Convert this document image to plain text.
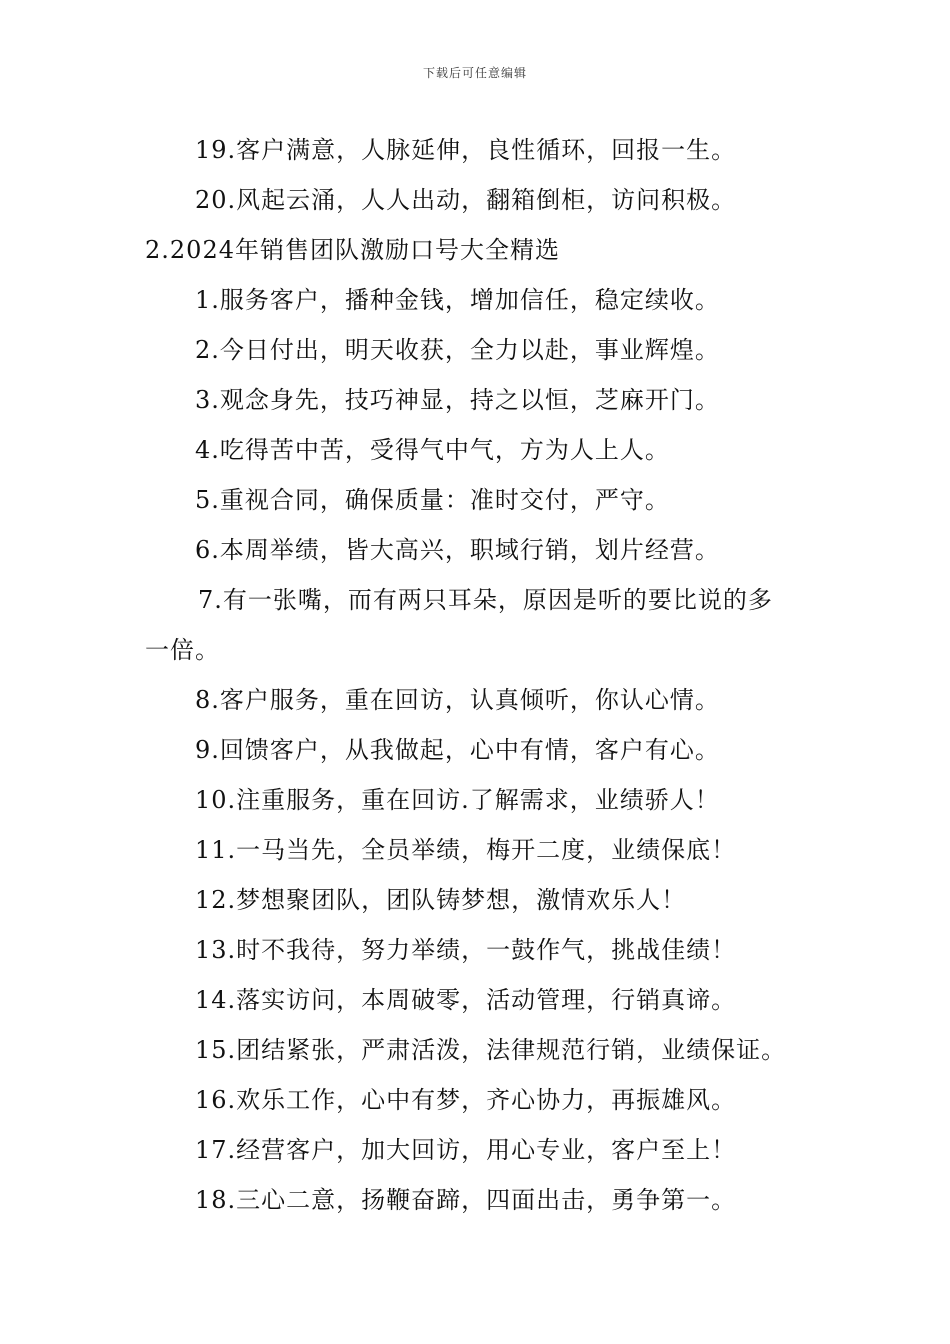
下载后可任意编辑
19.客户满意，人脉延伸，良性循环，回报一生。
20.风起云涌，人人出动，翻箱倒柜，访问积极。
2.2024年销售团队激励口号大全精选
1.服务客户，播种金钱，增加信任，稳定续收。
2.今日付出，明天收获，全力以赴，事业辉煌。
3.观念身先，技巧神显，持之以恒，芝麻开门。
4.吃得苦中苦，受得气中气，方为人上人。
5.重视合同，确保质量：准时交付，严守。
6.本周举绩，皆大高兴，职域行销，划片经营。
7.有一张嘴，而有两只耳朵，原因是听的要比说的多
一倍。
8.客户服务，重在回访，认真倾听，你认心情。
9.回馈客户，从我做起，心中有情，客户有心。
10.注重服务，重在回访.了解需求，业绩骄人！
11.一马当先，全员举绩，梅开二度，业绩保底！
12.梦想聚团队，团队铸梦想，激情欢乐人！
13.时不我待，努力举绩，一鼓作气，挑战佳绩！
14.落实访问，本周破零，活动管理，行销真谛。
15.团结紧张，严肃活泼，法律规范行销，业绩保证。
16.欢乐工作，心中有梦，齐心协力，再振雄风。
17.经营客户，加大回访，用心专业，客户至上！
18.三心二意，扬鞭奋蹄，四面出击，勇争第一。
